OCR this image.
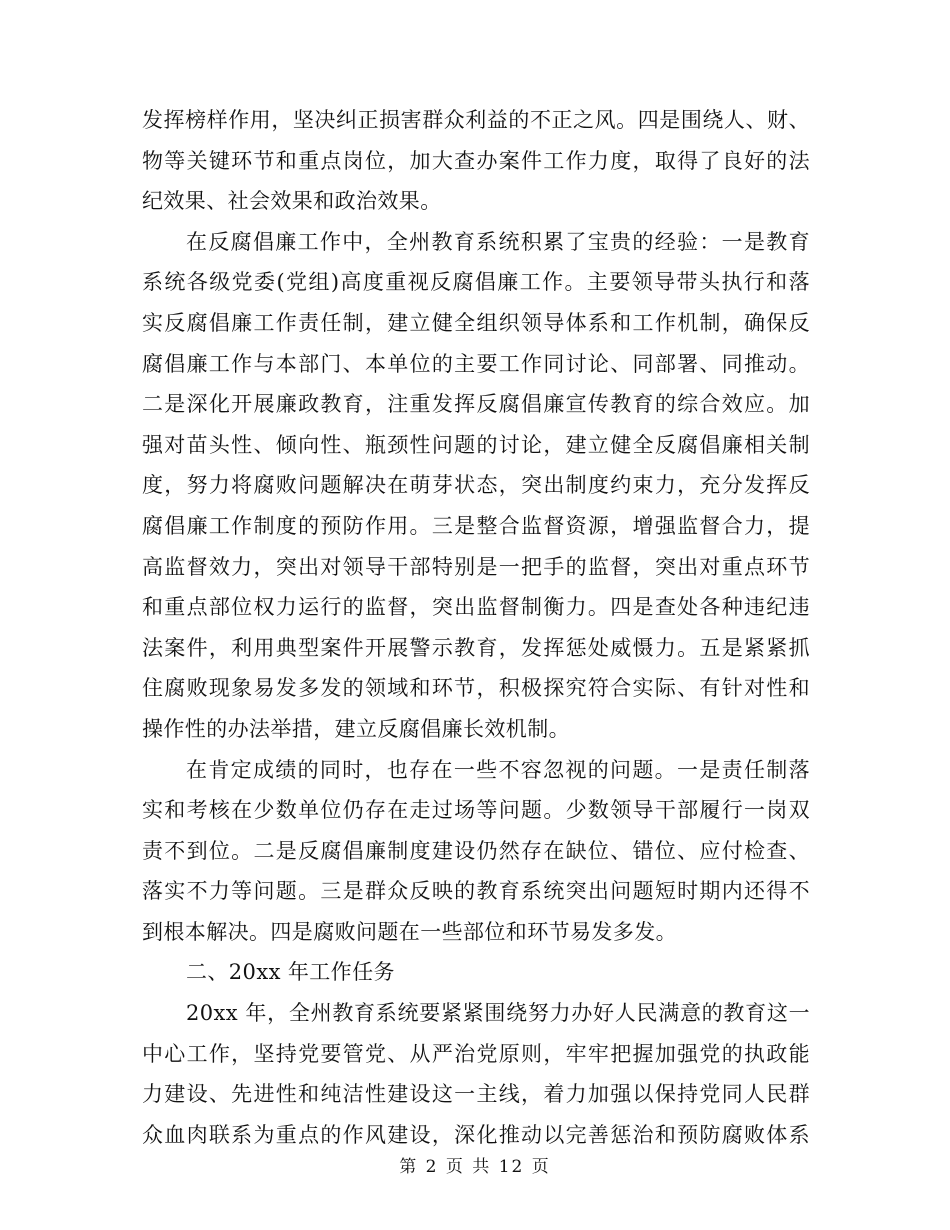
发挥榜样作用，坚决纠正损害群众利益的不正之风。四是围绕人、财、
物等关键环节和重点岗位，加大查办案件工作力度，取得了良好的法
纪效果、社会效果和政治效果。
在反腐倡廉工作中，全州教育系统积累了宝贵的经验：一是教育
系统各级党委(党组)高度重视反腐倡廉工作。主要领导带头执行和落
实反腐倡廉工作责任制，建立健全组织领导体系和工作机制，确保反
腐倡廉工作与本部门、本单位的主要工作同讨论、同部署、同推动。
二是深化开展廉政教育，注重发挥反腐倡廉宣传教育的综合效应。加
强对苗头性、倾向性、瓶颈性问题的讨论，建立健全反腐倡廉相关制
度，努力将腐败问题解决在萌芽状态，突出制度约束力，充分发挥反
腐倡廉工作制度的预防作用。三是整合监督资源，增强监督合力，提
高监督效力，突出对领导干部特别是一把手的监督，突出对重点环节
和重点部位权力运行的监督，突出监督制衡力。四是查处各种违纪违
法案件，利用典型案件开展警示教育，发挥惩处威慑力。五是紧紧抓
住腐败现象易发多发的领域和环节，积极探究符合实际、有针对性和
操作性的办法举措，建立反腐倡廉长效机制。
在肯定成绩的同时，也存在一些不容忽视的问题。一是责任制落
实和考核在少数单位仍存在走过场等问题。少数领导干部履行一岗双
责不到位。二是反腐倡廉制度建设仍然存在缺位、错位、应付检查、
落实不力等问题。三是群众反映的教育系统突出问题短时期内还得不
到根本解决。四是腐败问题在一些部位和环节易发多发。
二、20xx 年工作任务
20xx 年，全州教育系统要紧紧围绕努力办好人民满意的教育这一
中心工作，坚持党要管党、从严治党原则，牢牢把握加强党的执政能
力建设、先进性和纯洁性建设这一主线，着力加强以保持党同人民群
众血肉联系为重点的作风建设，深化推动以完善惩治和预防腐败体系
第 2 页 共 12 页
